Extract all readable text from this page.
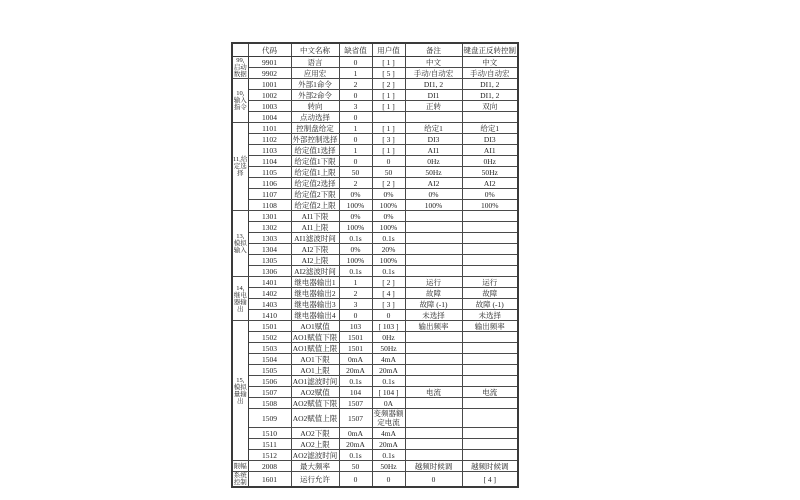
	代码	中文名称	缺省值	用户值	备注	键盘正反转控制
99,启动数据	9901	语言	0	[ 1 ]	中文	中文
	9902	应用宏	1	[ 5 ]	手动/自动宏	手动/自动宏
10,输入指令	1001	外部1命令	2	[ 2 ]	DI1, 2	DI1, 2
	1002	外部2命令	0	[ 1 ]	DI1	DI1, 2
	1003	转向	3	[ 1 ]	正转	双向
	1004	点动选择	0			
11,给定选择	1101	控制盘给定	1	[ 1 ]	给定1	给定1
	1102	外部控制选择	0	[ 3 ]	DI3	DI3
	1103	给定值1选择	1	[ 1 ]	AI1	AI1
	1104	给定值1下限	0	0	0Hz	0Hz
	1105	给定值1上限	50	50	50Hz	50Hz
	1106	给定值2选择	2	[ 2 ]	AI2	AI2
	1107	给定值2下限	0%	0%	0%	0%
	1108	给定值2上限	100%	100%	100%	100%
13,模拟输入	1301	AI1下限	0%	0%		
	1302	AI1上限	100%	100%		
	1303	AI1滤波时间	0.1s	0.1s		
	1304	AI2下限	0%	20%		
	1305	AI2上限	100%	100%		
	1306	AI2滤波时间	0.1s	0.1s		
14,继电器输出	1401	继电器输出1	1	[ 2 ]	运行	运行
	1402	继电器输出2	2	[ 4 ]	故障	故障
	1403	继电器输出3	3	[ 3 ]	故障 (-1)	故障 (-1)
	1410	继电器输出4	0	0	未选择	未选择
15,模拟量输出	1501	AO1赋值	103	[ 103 ]	输出频率	输出频率
	1502	AO1赋值下限	1501	0Hz		
	1503	AO1赋值上限	1501	50Hz		
	1504	AO1下限	0mA	4mA		
	1505	AO1上限	20mA	20mA		
	1506	AO1滤波时间	0.1s	0.1s		
	1507	AO2赋值	104	[ 104 ]	电流	电流
	1508	AO2赋值下限	1507	0A		
	1509	AO2赋值上限	1507	变频器额定电流		
	1510	AO2下限	0mA	4mA		
	1511	AO2上限	20mA	20mA		
	1512	AO2滤波时间	0.1s	0.1s		
限幅	2008	最大频率	50	50Hz	越频时候调	越频时候调
系统控制	1601	运行允许	0	0	0	[ 4 ]
